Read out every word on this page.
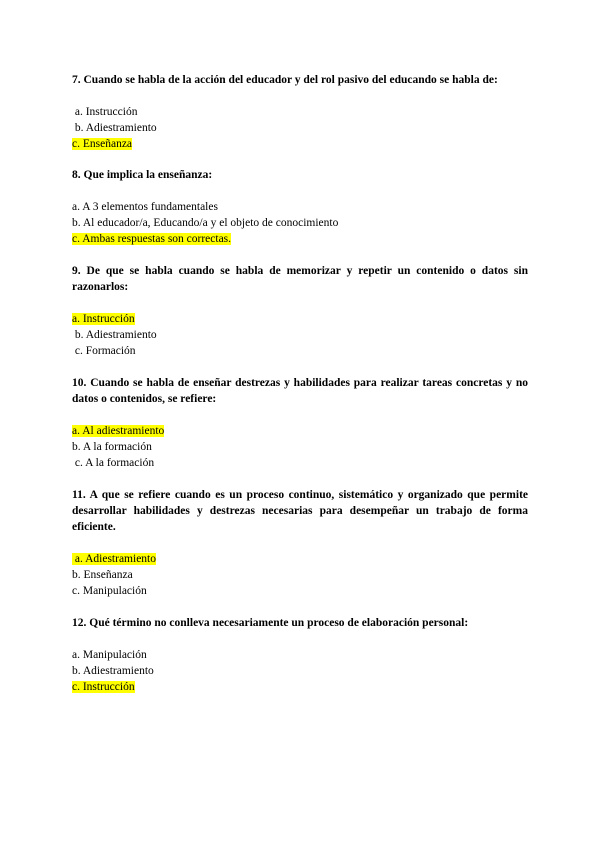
7. Cuando se habla de la acción del educador y del rol pasivo del educando se habla de:
a. Instrucción
b. Adiestramiento
c. Enseñanza
8. Que implica la enseñanza:
a. A 3 elementos fundamentales
b. Al educador/a, Educando/a y el objeto de conocimiento
c. Ambas respuestas son correctas.
9. De que se habla cuando se habla de memorizar y repetir un contenido o datos sin razonarlos:
a. Instrucción
b. Adiestramiento
c. Formación
10. Cuando se habla de enseñar destrezas y habilidades para realizar tareas concretas y no datos o contenidos, se refiere:
a. Al adiestramiento
b. A la formación
c. A la formación
11. A que se refiere cuando es un proceso continuo, sistemático y organizado que permite desarrollar habilidades y destrezas necesarias para desempeñar un trabajo de forma eficiente.
a. Adiestramiento
b. Enseñanza
c. Manipulación
12. Qué término no conlleva necesariamente un proceso de elaboración personal:
a. Manipulación
b. Adiestramiento
c. Instrucción
